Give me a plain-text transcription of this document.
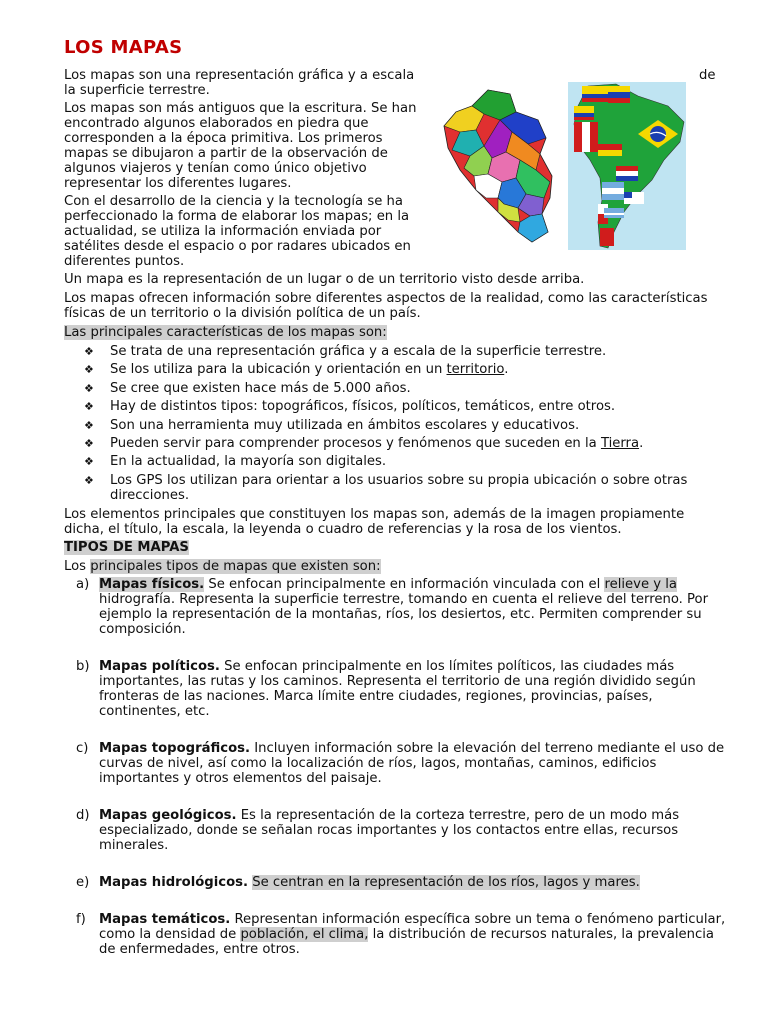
LOS MAPAS

Los mapas son una representación gráfica y a escala	de

la superficie terrestre.

Los mapas son más antiguos que la escritura. Se han encontrado algunos elaborados en piedra que corresponden a la época primitiva. Los primeros mapas se dibujaron a partir de la observación de algunos viajeros y tenían como único objetivo representar los diferentes lugares.

Con el desarrollo de la ciencia y la tecnología se ha perfeccionado la forma de elaborar los mapas; en la actualidad, se utiliza la información enviada por satélites desde el espacio o por radares ubicados en diferentes puntos.

Un mapa es la representación de un lugar o de un territorio visto desde arriba.

Los mapas ofrecen información sobre diferentes aspectos de la realidad, como las características físicas de un territorio o la división política de un país.

Las principales características de los mapas son:

❖ Se trata de una representación gráfica y a escala de la superficie terrestre.
❖ Se los utiliza para la ubicación y orientación en un territorio.
❖ Se cree que existen hace más de 5.000 años.
❖ Hay de distintos tipos: topográficos, físicos, políticos, temáticos, entre otros.
❖ Son una herramienta muy utilizada en ámbitos escolares y educativos.
❖ Pueden servir para comprender procesos y fenómenos que suceden en la Tierra.
❖ En la actualidad, la mayoría son digitales.
❖ Los GPS los utilizan para orientar a los usuarios sobre su propia ubicación o sobre otras direcciones.

Los elementos principales que constituyen los mapas son, además de la imagen propiamente dicha, el título, la escala, la leyenda o cuadro de referencias y la rosa de los vientos.

TIPOS DE MAPAS

Los principales tipos de mapas que existen son:

a) Mapas físicos. Se enfocan principalmente en información vinculada con el relieve y la hidrografía. Representa la superficie terrestre, tomando en cuenta el relieve del terreno. Por ejemplo la representación de la montañas, ríos, los desiertos, etc. Permiten comprender su composición.
b) Mapas políticos. Se enfocan principalmente en los límites políticos, las ciudades más importantes, las rutas y los caminos. Representa el territorio de una región dividido según fronteras de las naciones. Marca límite entre ciudades, regiones, provincias, países, continentes, etc.
c) Mapas topográficos. Incluyen información sobre la elevación del terreno mediante el uso de curvas de nivel, así como la localización de ríos, lagos, montañas, caminos, edificios importantes y otros elementos del paisaje.
d) Mapas geológicos. Es la representación de la corteza terrestre, pero de un modo más especializado, donde se señalan rocas importantes y los contactos entre ellas, recursos minerales.
e) Mapas hidrológicos. Se centran en la representación de los ríos, lagos y mares.
f) Mapas temáticos. Representan información específica sobre un tema o fenómeno particular, como la densidad de población, el clima, la distribución de recursos naturales, la prevalencia de enfermedades, entre otros.
